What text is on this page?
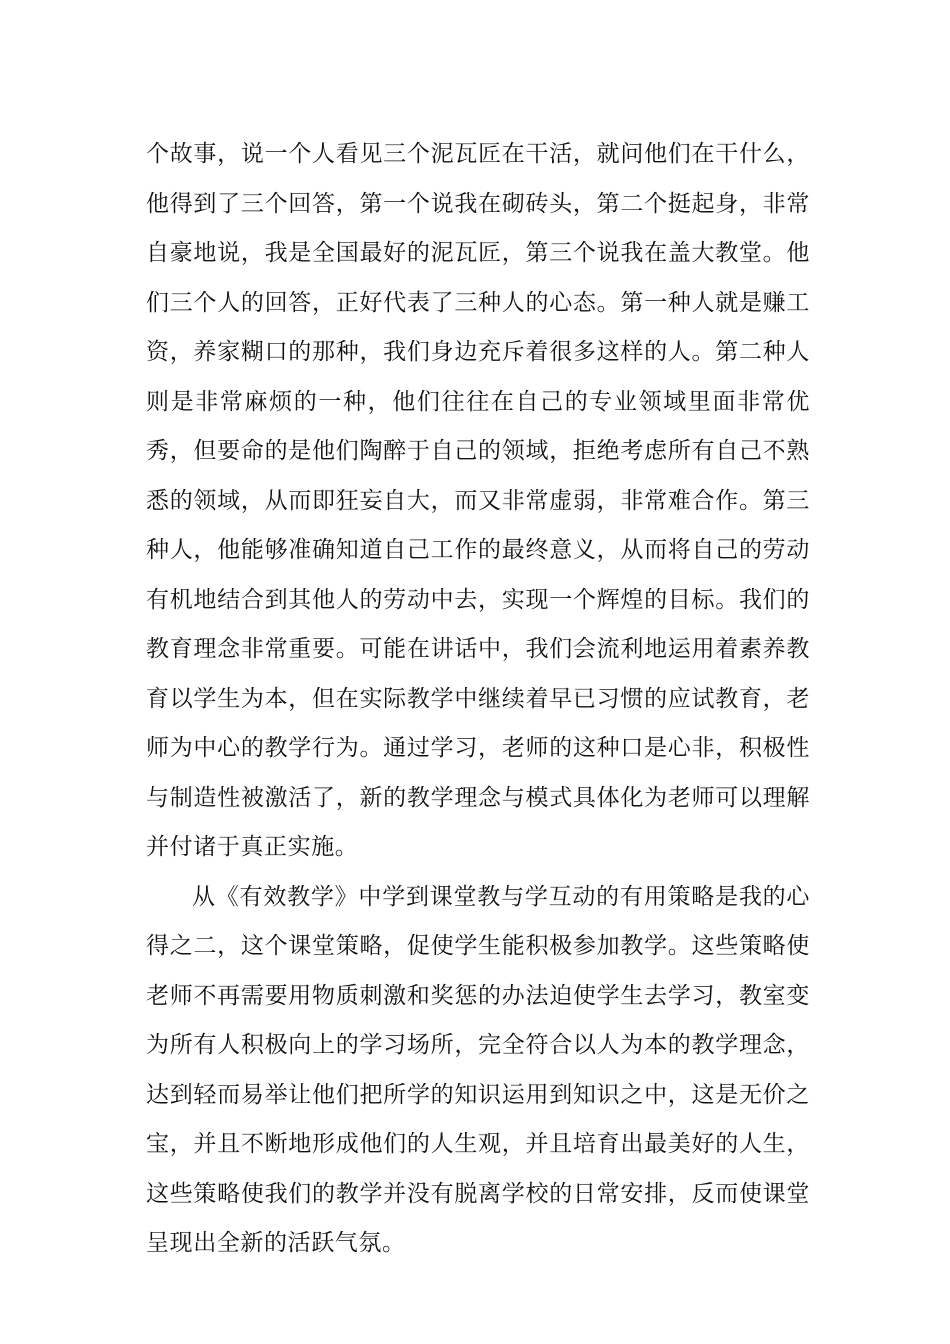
个故事，说一个人看见三个泥瓦匠在干活，就问他们在干什么，他得到了三个回答，第一个说我在砌砖头，第二个挺起身，非常自豪地说，我是全国最好的泥瓦匠，第三个说我在盖大教堂。他们三个人的回答，正好代表了三种人的心态。第一种人就是赚工资，养家糊口的那种，我们身边充斥着很多这样的人。第二种人则是非常麻烦的一种，他们往往在自己的专业领域里面非常优秀，但要命的是他们陶醉于自己的领域，拒绝考虑所有自己不熟悉的领域，从而即狂妄自大，而又非常虚弱，非常难合作。第三种人，他能够准确知道自己工作的最终意义，从而将自己的劳动有机地结合到其他人的劳动中去，实现一个辉煌的目标。我们的教育理念非常重要。可能在讲话中，我们会流利地运用着素养教育以学生为本，但在实际教学中继续着早已习惯的应试教育，老师为中心的教学行为。通过学习，老师的这种口是心非，积极性与制造性被激活了，新的教学理念与模式具体化为老师可以理解并付诸于真正实施。

从《有效教学》中学到课堂教与学互动的有用策略是我的心得之二，这个课堂策略，促使学生能积极参加教学。这些策略使老师不再需要用物质刺激和奖惩的办法迫使学生去学习，教室变为所有人积极向上的学习场所，完全符合以人为本的教学理念，达到轻而易举让他们把所学的知识运用到知识之中，这是无价之宝，并且不断地形成他们的人生观，并且培育出最美好的人生，这些策略使我们的教学并没有脱离学校的日常安排，反而使课堂呈现出全新的活跃气氛。
